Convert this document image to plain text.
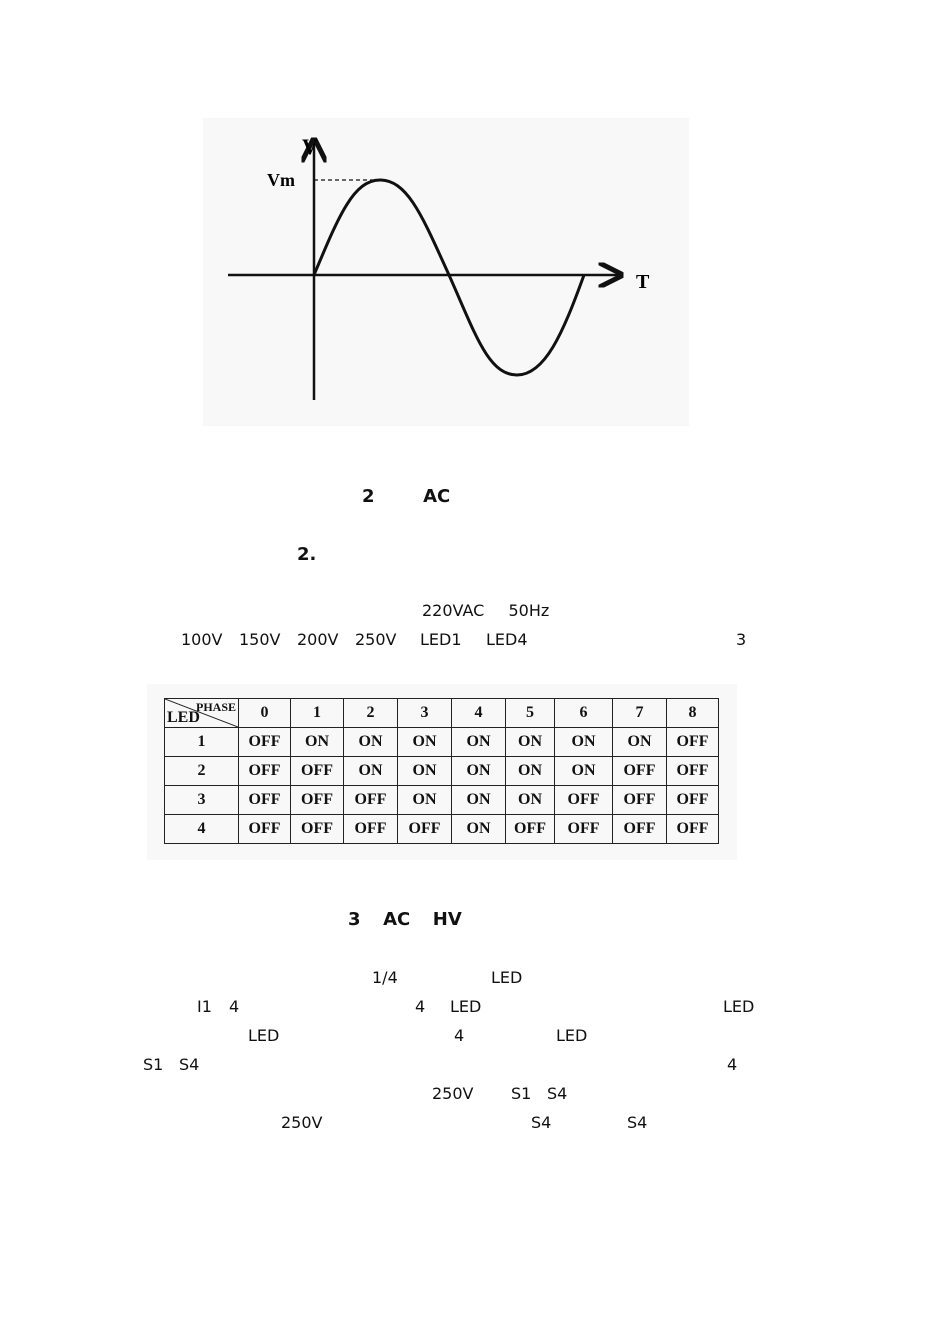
V
Vm
T
2	AC
2.
220VAC 50Hz
100V 150V 200V 250V LED1 LED4	3
PHASE
LED	0	1	2	3	4	5	6	7	8
1	OFF	ON	ON	ON	ON	ON	ON	ON	OFF
2	OFF	OFF	ON	ON	ON	ON	ON	OFF	OFF
3	OFF	OFF	OFF	ON	ON	ON	OFF	OFF	OFF
4	OFF	OFF	OFF	OFF	ON	OFF	OFF	OFF	OFF
3 AC HV
1/4	LED
I1 4	4 LED	LED
LED	4	LED
S1 S4	4
250V S1 S4
250V	S4	S4
